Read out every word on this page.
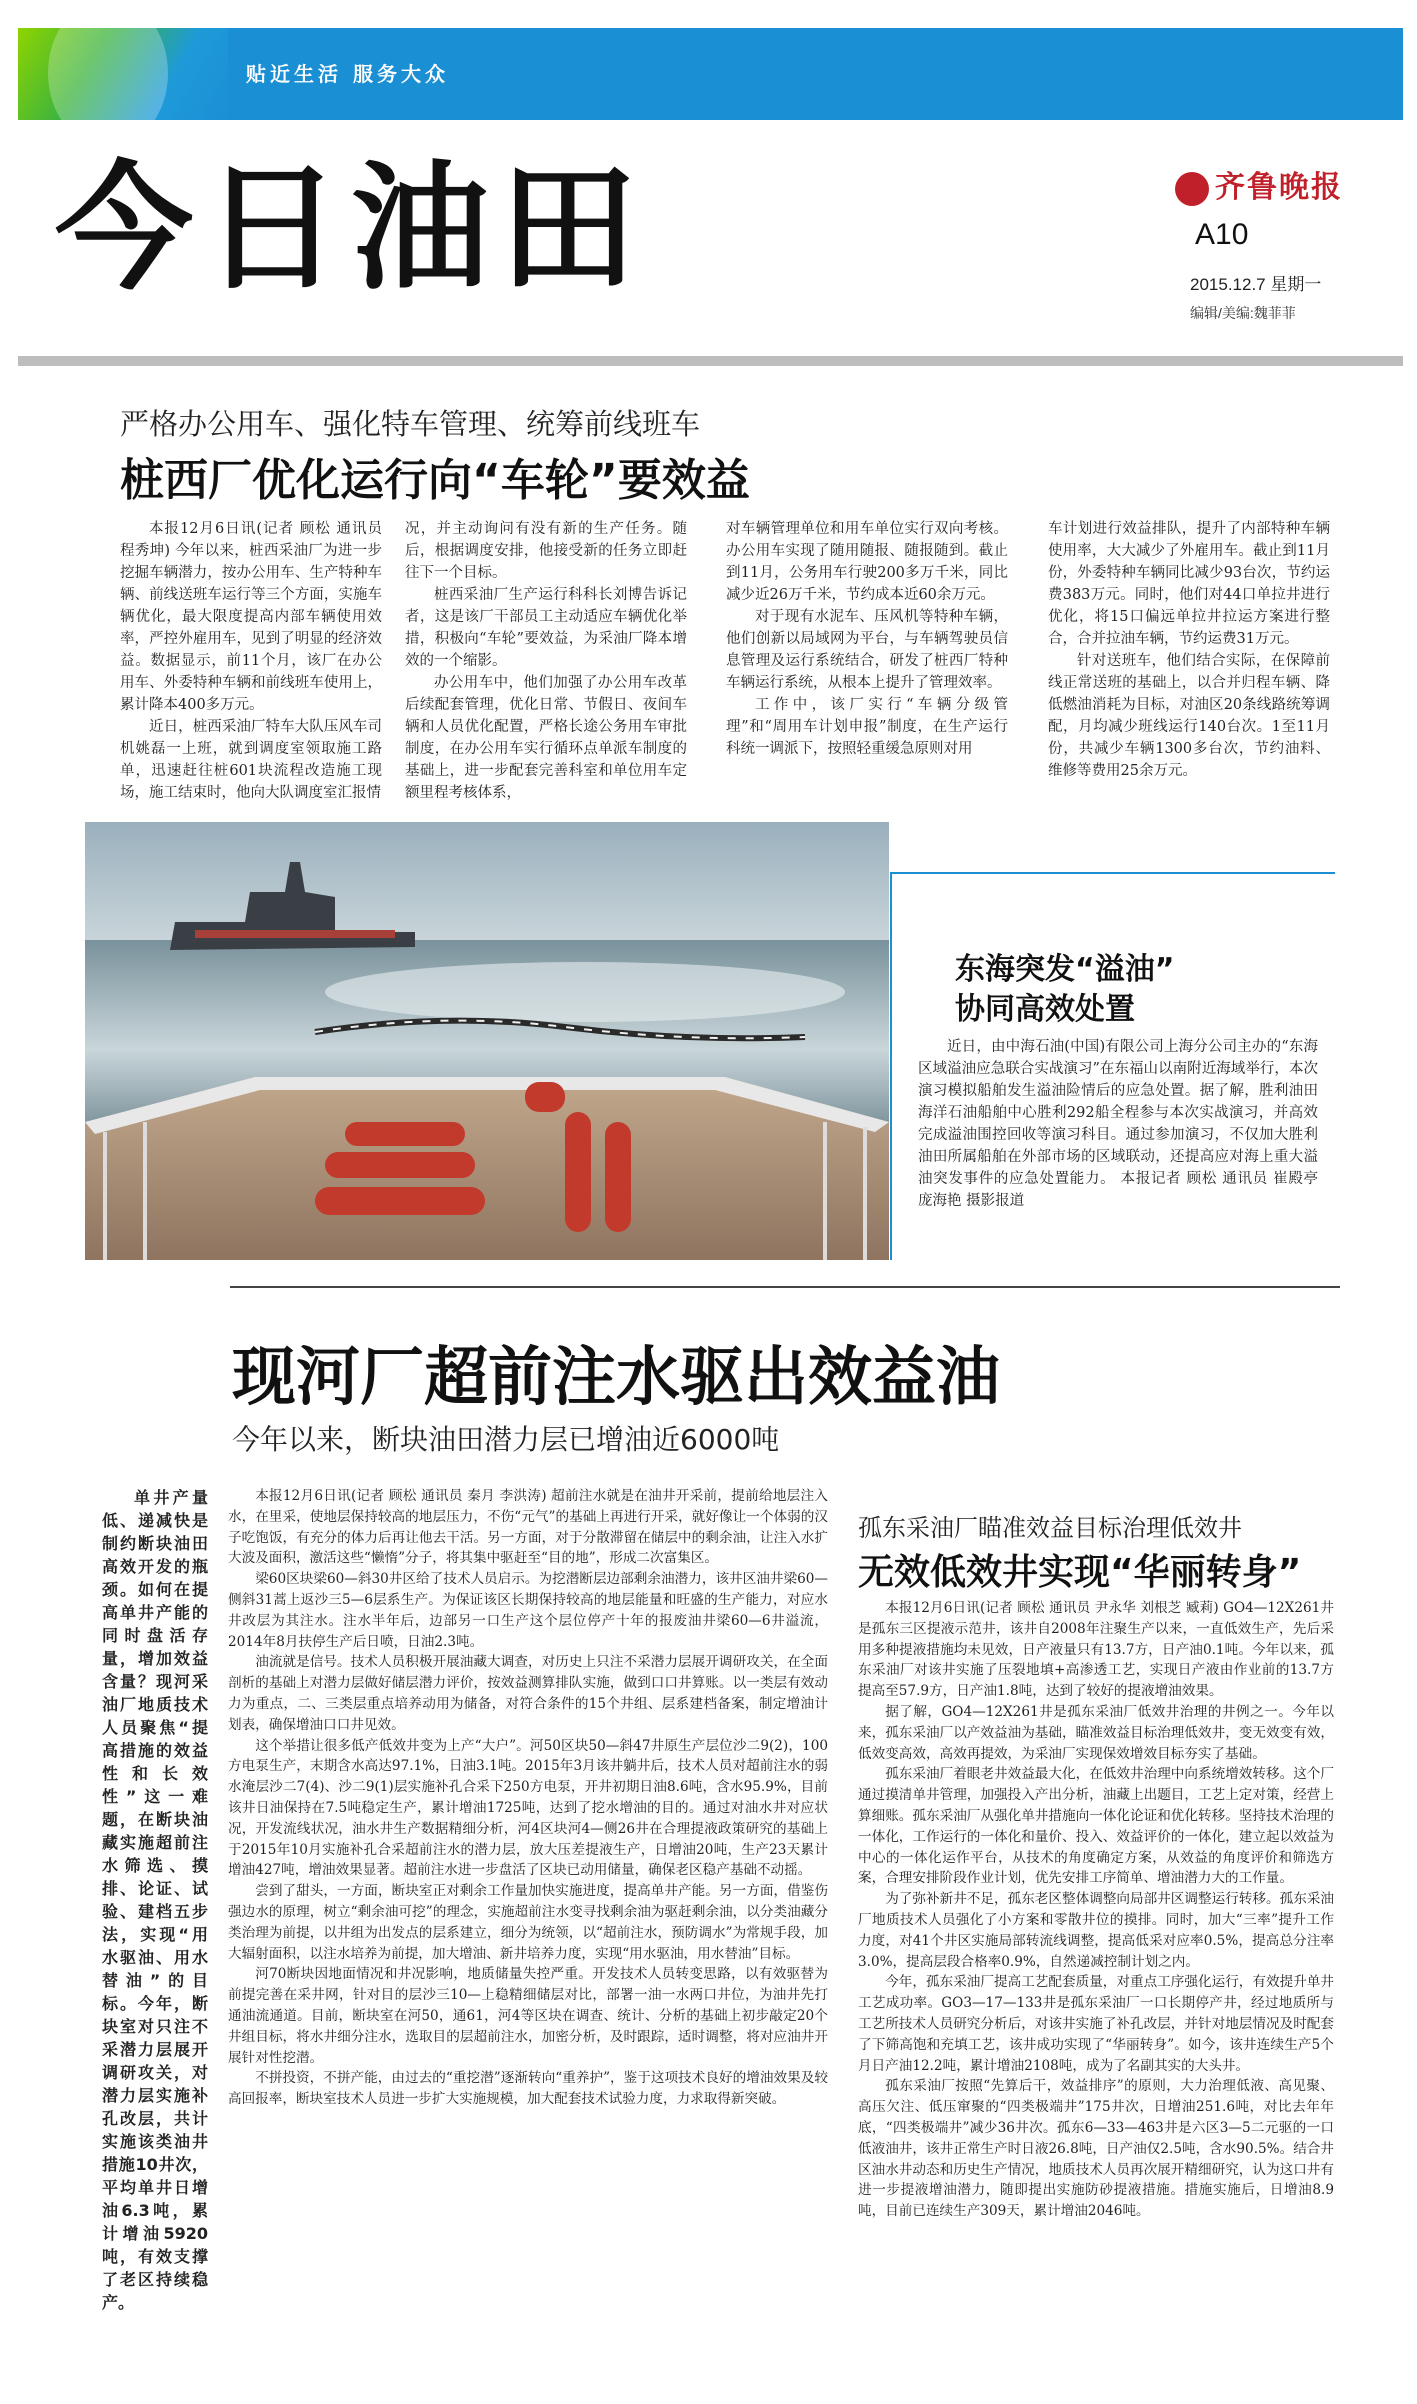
贴近生活 服务大众
今日油田	齐鲁晚报
A10
2015.12.7 星期一
编辑/美编:魏菲菲
严格办公用车、强化特车管理、统筹前线班车
桩西厂优化运行向“车轮”要效益

本报12月6日讯(记者 顾松 通讯员 程秀坤) 今年以来，桩西采油厂为进一步挖掘车辆潜力，按办公用车、生产特种车辆、前线送班车运行等三个方面，实施车辆优化，最大限度提高内部车辆使用效率，严控外雇用车，见到了明显的经济效益。数据显示，前11个月，该厂在办公用车、外委特种车辆和前线班车使用上，累计降本400多万元。

近日，桩西采油厂特车大队压风车司机姚磊一上班，就到调度室领取施工路单，迅速赶往桩601块流程改造施工现场，施工结束时，他向大队调度室汇报情

况，并主动询问有没有新的生产任务。随后，根据调度安排，他接受新的任务立即赶往下一个目标。

桩西采油厂生产运行科科长刘博告诉记者，这是该厂干部员工主动适应车辆优化举措，积极向“车轮”要效益，为采油厂降本增效的一个缩影。

办公用车中，他们加强了办公用车改革后续配套管理，优化日常、节假日、夜间车辆和人员优化配置，严格长途公务用车审批制度，在办公用车实行循环点单派车制度的基础上，进一步配套完善科室和单位用车定额里程考核体系，

对车辆管理单位和用车单位实行双向考核。办公用车实现了随用随报、随报随到。截止到11月，公务用车行驶200多万千米，同比减少近26万千米，节约成本近60余万元。

对于现有水泥车、压风机等特种车辆，他们创新以局域网为平台，与车辆驾驶员信息管理及运行系统结合，研发了桩西厂特种车辆运行系统，从根本上提升了管理效率。

工作中，该厂实行“车辆分级管理”和“周用车计划申报”制度，在生产运行科统一调派下，按照轻重缓急原则对用

车计划进行效益排队，提升了内部特种车辆使用率，大大减少了外雇用车。截止到11月份，外委特种车辆同比减少93台次，节约运费383万元。同时，他们对44口单拉井进行优化，将15口偏远单拉井拉运方案进行整合，合并拉油车辆，节约运费31万元。

针对送班车，他们结合实际，在保障前线正常送班的基础上，以合并归程车辆、降低燃油消耗为目标，对油区20条线路统筹调配，月均减少班线运行140台次。1至11月份，共减少车辆1300多台次，节约油料、维修等费用25余万元。

东海突发“溢油”
协同高效处置

近日，由中海石油(中国)有限公司上海分公司主办的“东海区域溢油应急联合实战演习”在东福山以南附近海域举行，本次演习模拟船舶发生溢油险情后的应急处置。据了解，胜利油田海洋石油船舶中心胜利292船全程参与本次实战演习，并高效完成溢油围控回收等演习科目。通过参加演习，不仅加大胜利油田所属船舶在外部市场的区域联动，还提高应对海上重大溢油突发事件的应急处置能力。 本报记者 顾松 通讯员 崔殿亭 庞海艳 摄影报道

现河厂超前注水驱出效益油
今年以来，断块油田潜力层已增油近6000吨

单井产量低、递减快是制约断块油田高效开发的瓶颈。如何在提高单井产能的同时盘活存量，增加效益含量？现河采油厂地质技术人员聚焦“提高措施的效益性和长效性”这一难题，在断块油藏实施超前注水筛选、摸排、论证、试验、建档五步法，实现“用水驱油、用水替油”的目标。今年，断块室对只注不采潜力层展开调研攻关，对潜力层实施补孔改层，共计实施该类油井措施10井次，平均单井日增油6.3吨，累计增油5920吨，有效支撑了老区持续稳产。

本报12月6日讯(记者 顾松 通讯员 秦月 李洪涛) 超前注水就是在油井开采前，提前给地层注入水，在里采，使地层保持较高的地层压力，不伤“元气”的基础上再进行开采，就好像让一个体弱的汉子吃饱饭，有充分的体力后再让他去干活。另一方面，对于分散滞留在储层中的剩余油，让注入水扩大波及面积，激活这些“懒惰”分子，将其集中驱赶至“目的地”，形成二次富集区。

梁60区块梁60—斜30井区给了技术人员启示。为挖潜断层边部剩余油潜力，该井区油井梁60—侧斜31蒿上返沙三5—6层系生产。为保证该区长期保持较高的地层能量和旺盛的生产能力，对应水井改层为其注水。注水半年后，边部另一口生产这个层位停产十年的报废油井梁60—6井溢流，2014年8月扶停生产后日喷，日油2.3吨。

油流就是信号。技术人员积极开展油藏大调查，对历史上只注不采潜力层展开调研攻关，在全面剖析的基础上对潜力层做好储层潜力评价，按效益测算排队实施，做到口口井算账。以一类层有效动力为重点，二、三类层重点培养动用为储备，对符合条件的15个井组、层系建档备案，制定增油计划表，确保增油口口井见效。

这个举措让很多低产低效井变为上产“大户”。河50区块50—斜47井原生产层位沙二9(2)，100方电泵生产，末期含水高达97.1%，日油3.1吨。2015年3月该井躺井后，技术人员对超前注水的弱水淹层沙二7(4)、沙二9(1)层实施补孔合采下250方电泵，开井初期日油8.6吨，含水95.9%，目前该井日油保持在7.5吨稳定生产，累计增油1725吨，达到了挖水增油的目的。通过对油水井对应状况，开发流线状况，油水井生产数据精细分析，河4区块河4—侧26井在合理提液政策研究的基础上于2015年10月实施补孔合采超前注水的潜力层，放大压差提液生产，日增油20吨，生产23天累计增油427吨，增油效果显著。超前注水进一步盘活了区块已动用储量，确保老区稳产基础不动摇。

尝到了甜头，一方面，断块室正对剩余工作量加快实施进度，提高单井产能。另一方面，借鉴伤强边水的原理，树立“剩余油可挖”的理念，实施超前注水变寻找剩余油为驱赶剩余油，以分类油藏分类治理为前提，以井组为出发点的层系建立，细分为统领，以“超前注水，预防调水”为常规手段，加大辐射面积，以注水培养为前提，加大增油、新井培养力度，实现“用水驱油，用水替油”目标。

河70断块因地面情况和井况影响，地质储量失控严重。开发技术人员转变思路，以有效驱替为前提完善在采井网，针对目的层沙三10—上稳精细储层对比，部署一油一水两口井位，为油井先打通油流通道。目前，断块室在河50，通61，河4等区块在调查、统计、分析的基础上初步敲定20个井组目标，将水井细分注水，选取目的层超前注水，加密分析，及时跟踪，适时调整，将对应油井开展针对性挖潜。

不拼投资，不拼产能，由过去的“重挖潜”逐渐转向“重养护”，鉴于这项技术良好的增油效果及较高回报率，断块室技术人员进一步扩大实施规模，加大配套技术试验力度，力求取得新突破。

孤东采油厂瞄准效益目标治理低效井
无效低效井实现“华丽转身”

本报12月6日讯(记者 顾松 通讯员 尹永华 刘根芝 臧莉) GO4—12X261井是孤东三区提液示范井，该井自2008年注聚生产以来，一直低效生产，先后采用多种提液措施均未见效，日产液量只有13.7方，日产油0.1吨。今年以来，孤东采油厂对该井实施了压裂地填+高渗透工艺，实现日产液由作业前的13.7方提高至57.9方，日产油1.8吨，达到了较好的提液增油效果。

据了解，GO4—12X261井是孤东采油厂低效井治理的井例之一。今年以来，孤东采油厂以产效益油为基础，瞄准效益目标治理低效井，变无效变有效，低效变高效，高效再提效，为采油厂实现保效增效目标夯实了基础。

孤东采油厂着眼老井效益最大化，在低效井治理中向系统增效转移。这个厂通过摸清单井管理，加强投入产出分析，油藏上出题目，工艺上定对策，经营上算细账。孤东采油厂从强化单井措施向一体化论证和优化转移。坚持技术治理的一体化，工作运行的一体化和量价、投入、效益评价的一体化，建立起以效益为中心的一体化运作平台，从技术的角度确定方案，从效益的角度评价和筛选方案，合理安排阶段作业计划，优先安排工序简单、增油潜力大的工作量。

为了弥补新井不足，孤东老区整体调整向局部井区调整运行转移。孤东采油厂地质技术人员强化了小方案和零散井位的摸排。同时，加大“三率”提升工作力度，对41个井区实施局部转流线调整，提高低采对应率0.5%，提高总分注率3.0%，提高层段合格率0.9%，自然递减控制计划之内。

今年，孤东采油厂提高工艺配套质量，对重点工序强化运行，有效提升单井工艺成功率。GO3—17—133井是孤东采油厂一口长期停产井，经过地质所与工艺所技术人员研究分析后，对该井实施了补孔改层，并针对地层情况及时配套了下筛高饱和充填工艺，该井成功实现了“华丽转身”。如今，该井连续生产5个月日产油12.2吨，累计增油2108吨，成为了名副其实的大头井。

孤东采油厂按照“先算后干，效益排序”的原则，大力治理低液、高见聚、高压欠注、低压窜聚的“四类极端井”175井次，日增油251.6吨，对比去年年底，“四类极端井”减少36井次。孤东6—33—463井是六区3—5二元驱的一口低液油井，该井正常生产时日液26.8吨，日产油仅2.5吨，含水90.5%。结合井区油水井动态和历史生产情况，地质技术人员再次展开精细研究，认为这口井有进一步提液增油潜力，随即提出实施防砂提液措施。措施实施后，日增油8.9吨，目前已连续生产309天，累计增油2046吨。
